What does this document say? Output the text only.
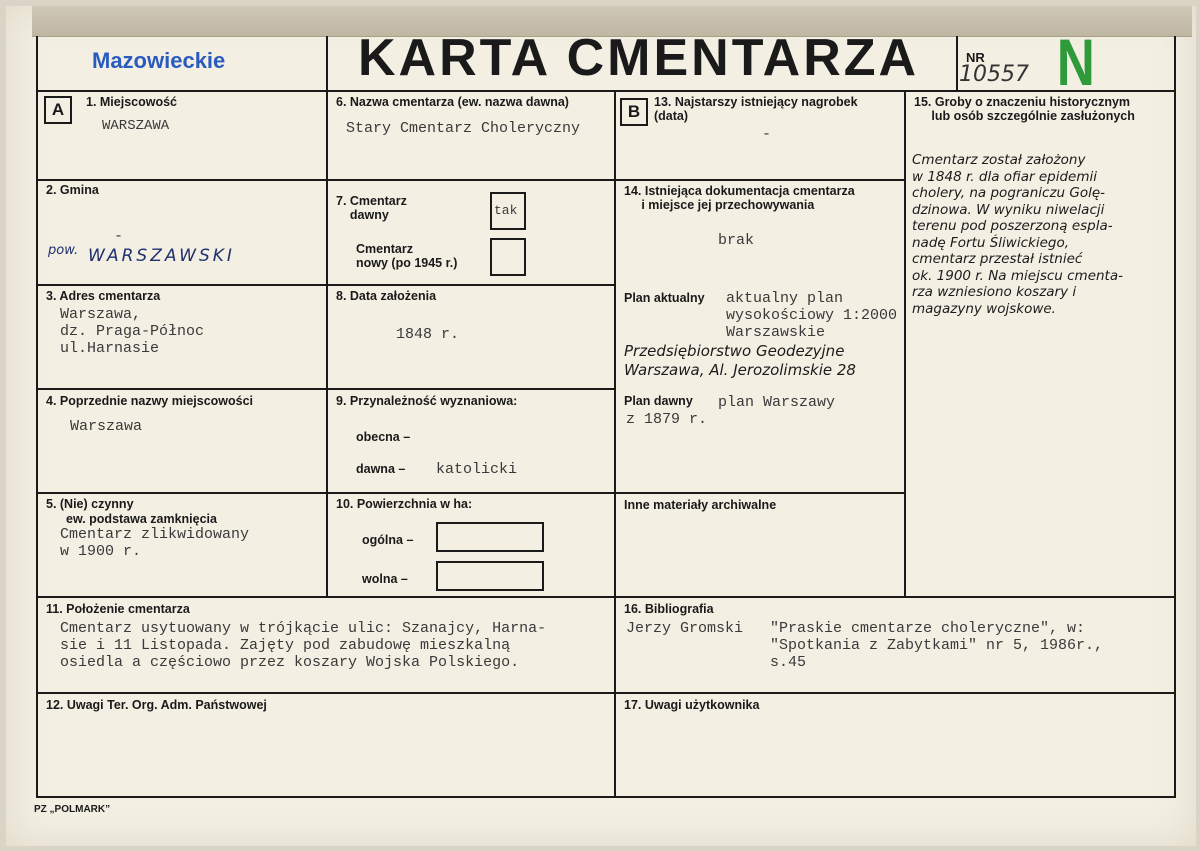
Mazowieckie	KARTA CMENTARZA	NR
10557 N
A	B
1. Miejscowość
WARSZAWA
2. Gmina
-
pow. WARSZAWSKI
3. Adres cmentarza
Warszawa,
dz. Praga-Północ
ul.Harnasie
4. Poprzednie nazwy miejscowości
Warszawa
5. (Nie) czynny
ew. podstawa zamknięcia
Cmentarz zlikwidowany
w 1900 r.
6. Nazwa cmentarza (ew. nazwa dawna)
Stary Cmentarz Choleryczny
7. Cmentarz
dawny	tak
Cmentarz
nowy (po 1945 r.)
8. Data założenia
1848 r.
9. Przynależność wyznaniowa:
obecna –
dawna – katolicki
10. Powierzchnia w ha:
ogólna –
wolna –
11. Położenie cmentarza
Cmentarz usytuowany w trójkącie ulic: Szanajcy, Harna-
sie i 11 Listopada. Zajęty pod zabudowę mieszkalną
osiedla a częściowo przez koszary Wojska Polskiego.
12. Uwagi Ter. Org. Adm. Państwowej
13. Najstarszy istniejący nagrobek
(data)
-
14. Istniejąca dokumentacja cmentarza
i miejsce jej przechowywania
brak
Plan aktualny aktualny plan
wysokościowy 1:2000
Warszawskie
Przedsiębiorstwo Geodezyjne
Warszawa, Al. Jerozolimskie 28
Plan dawny	plan Warszawy
z 1879 r.
Inne materiały archiwalne
15. Groby o znaczeniu historycznym
lub osób szczególnie zasłużonych
Cmentarz został założony
w 1848 r. dla ofiar epidemii
cholery, na pograniczu Golę-
dzinowa. W wyniku niwelacji
terenu pod poszerzoną espla-
nadę Fortu Śliwickiego,
cmentarz przestał istnieć
ok. 1900 r. Na miejscu cmenta-
rza wzniesiono koszary i
magazyny wojskowe.
16. Bibliografia
Jerzy Gromski "Praskie cmentarze choleryczne", w:
"Spotkania z Zabytkami" nr 5, 1986r.,
s.45
17. Uwagi użytkownika
PZ „POLMARK”
